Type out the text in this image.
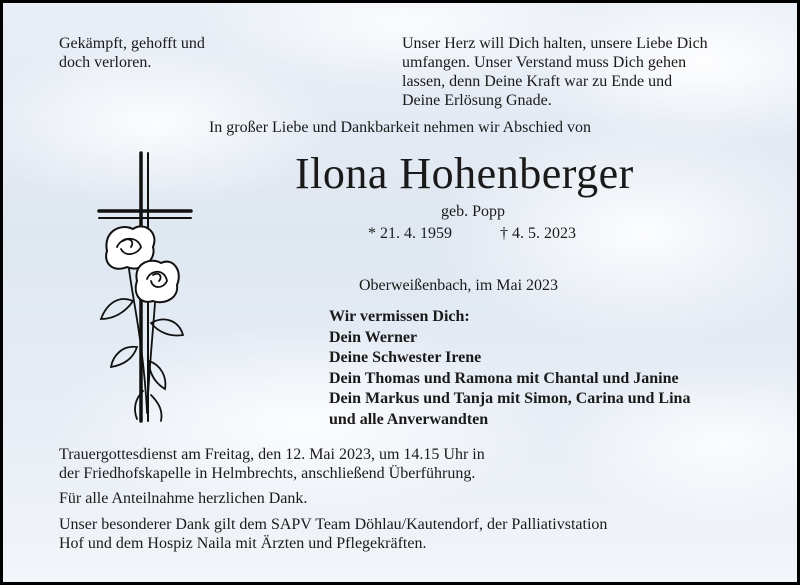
Gekämpft, gehofft und
doch verloren.
Unser Herz will Dich halten, unsere Liebe Dich
umfangen. Unser Verstand muss Dich gehen
lassen, denn Deine Kraft war zu Ende und
Deine Erlösung Gnade.
In großer Liebe und Dankbarkeit nehmen wir Abschied von
Ilona Hohenberger
geb. Popp
* 21. 4. 1959	† 4. 5. 2023
Oberweißenbach, im Mai 2023
Wir vermissen Dich:
Dein Werner
Deine Schwester Irene
Dein Thomas und Ramona mit Chantal und Janine
Dein Markus und Tanja mit Simon, Carina und Lina
und alle Anverwandten
Trauergottesdienst am Freitag, den 12. Mai 2023, um 14.15 Uhr in
der Friedhofskapelle in Helmbrechts, anschließend Überführung.
Für alle Anteilnahme herzlichen Dank.
Unser besonderer Dank gilt dem SAPV Team Döhlau/Kautendorf, der Palliativstation
Hof und dem Hospiz Naila mit Ärzten und Pflegekräften.
